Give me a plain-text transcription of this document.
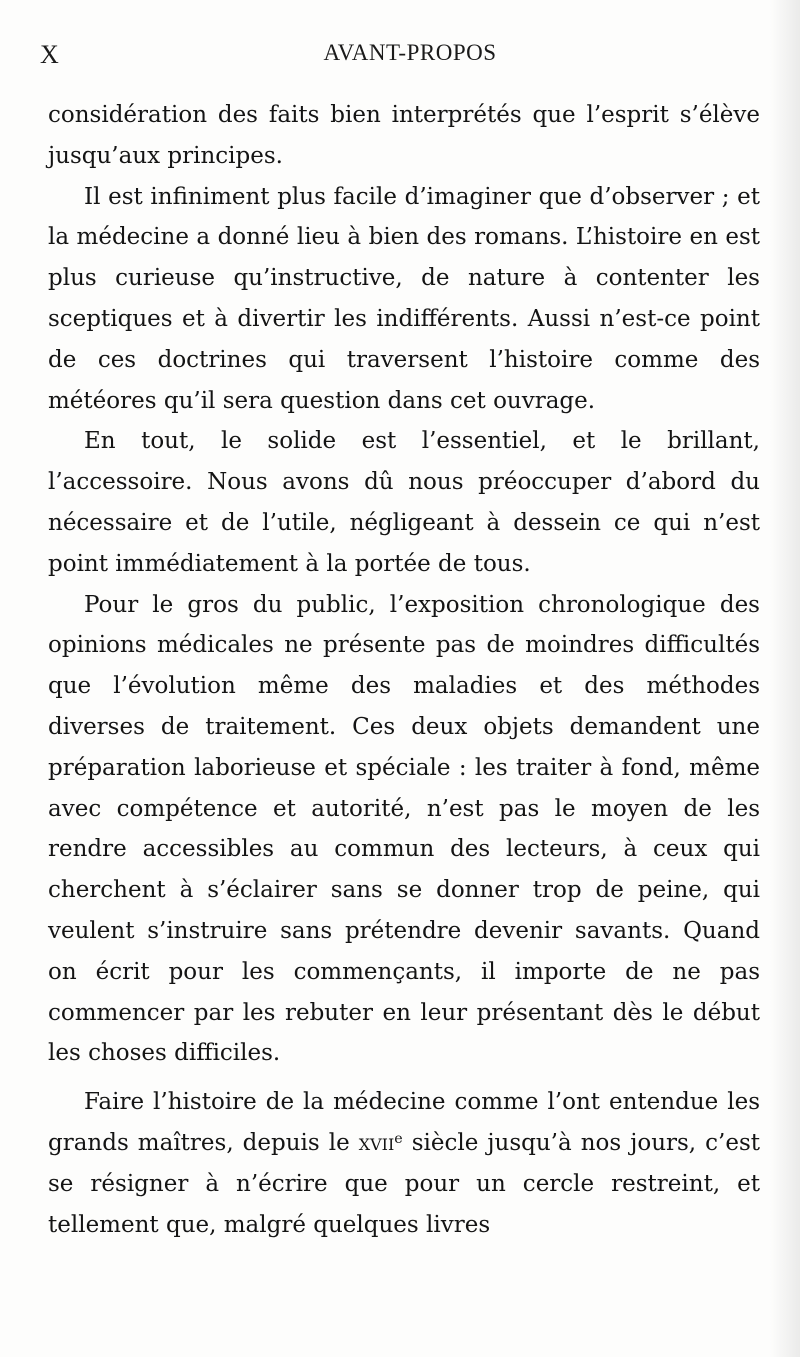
X	AVANT-PROPOS

considération des faits bien interprétés que l’esprit s’élève jusqu’aux principes.

Il est infiniment plus facile d’imaginer que d’observer ; et la médecine a donné lieu à bien des romans. L’histoire en est plus curieuse qu’instructive, de nature à contenter les sceptiques et à divertir les indifférents. Aussi n’est-ce point de ces doctrines qui traversent l’histoire comme des météores qu’il sera question dans cet ouvrage.

En tout, le solide est l’essentiel, et le brillant, l’accessoire. Nous avons dû nous préoccuper d’abord du nécessaire et de l’utile, négligeant à dessein ce qui n’est point immédiatement à la portée de tous.

Pour le gros du public, l’exposition chronologique des opinions médicales ne présente pas de moindres difficultés que l’évolution même des maladies et des méthodes diverses de traitement. Ces deux objets demandent une préparation laborieuse et spéciale : les traiter à fond, même avec compétence et autorité, n’est pas le moyen de les rendre accessibles au commun des lecteurs, à ceux qui cherchent à s’éclairer sans se donner trop de peine, qui veulent s’instruire sans prétendre devenir savants. Quand on écrit pour les commençants, il importe de ne pas commencer par les rebuter en leur présentant dès le début les choses difficiles.

Faire l’histoire de la médecine comme l’ont entendue les grands maîtres, depuis le xvii$^e$ siècle jusqu’à nos jours, c’est se résigner à n’écrire que pour un cercle restreint, et tellement que, malgré quelques livres
